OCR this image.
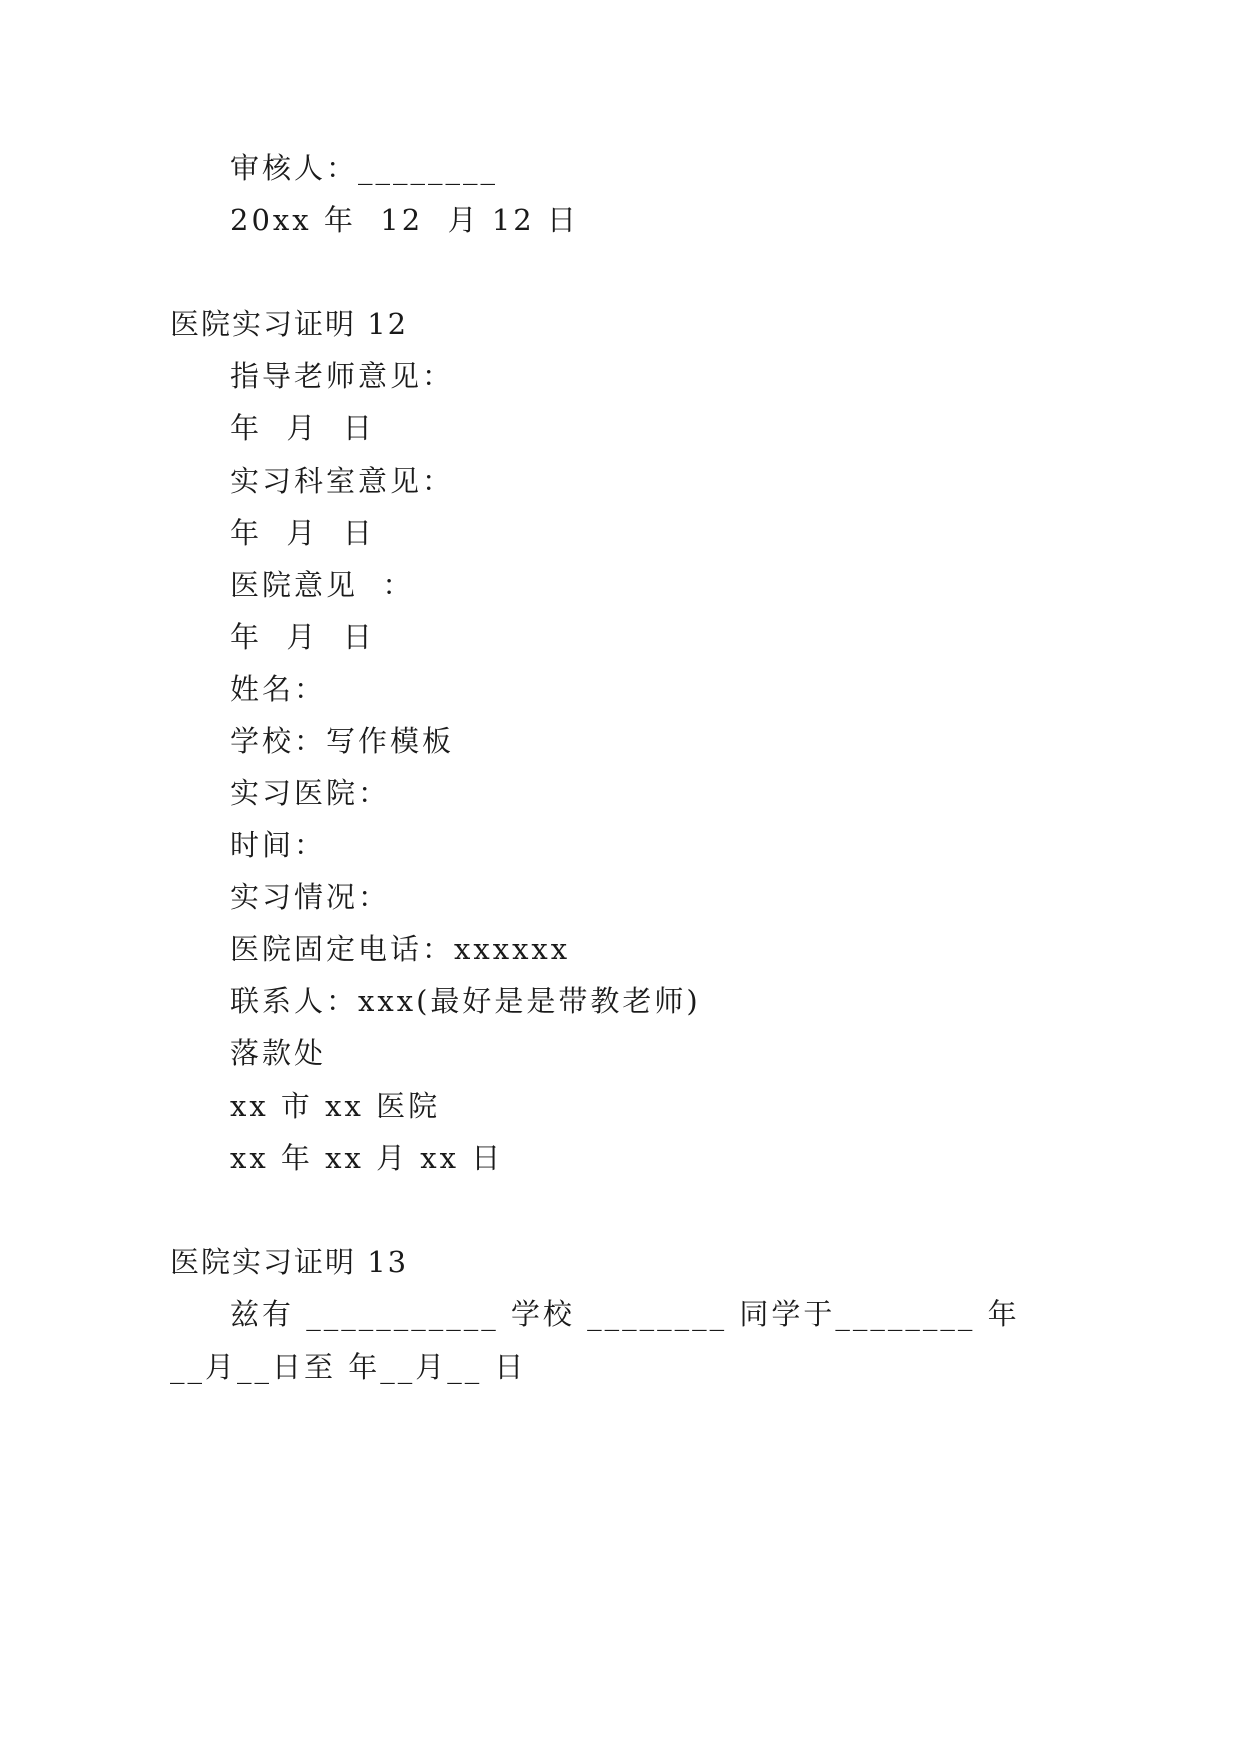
审核人：________
20xx 年  12  月 12 日
医院实习证明 12
指导老师意见：
年  月  日
实习科室意见：
年  月  日
医院意见  ：
年  月  日
姓名：
学校：写作模板
实习医院：
时间：
实习情况：
医院固定电话：xxxxxx
联系人：xxx(最好是是带教老师)
落款处
xx 市 xx 医院
xx 年 xx 月 xx 日
医院实习证明 13
兹有 ___________ 学校 ________ 同学于________ 年
__月__日至 年__月__ 日
